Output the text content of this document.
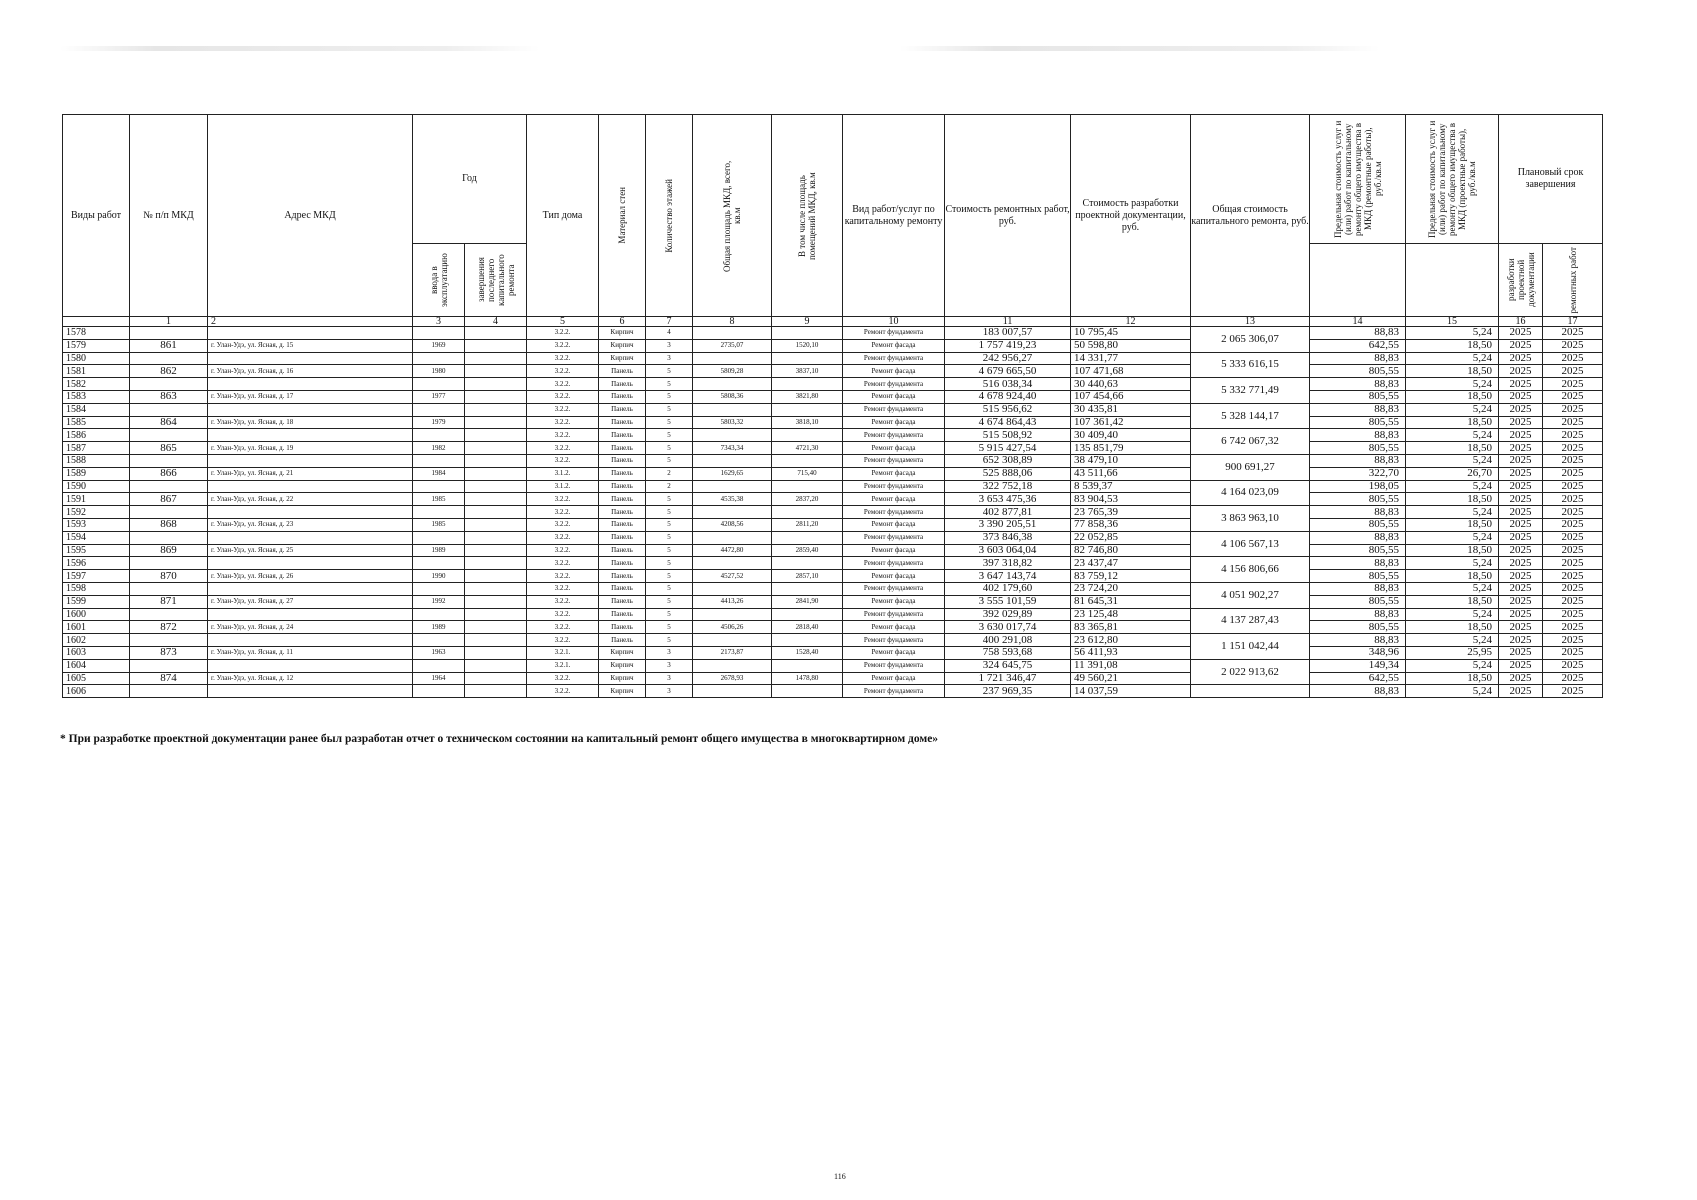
Виды работ	№ п/п МКД	Адрес МКД	Год		Тип дома	Материал стен	Количество этажей	Общая площадь МКД, всего, кв.м	В том числе площадь помещений МКД, кв.м	Вид работ/услуг по капитальному ремонту	Стоимость ремонтных работ, руб.	Стоимость разработки проектной документации, руб.	Общая стоимость капитального ремонта, руб.	Предельная стоимость услуг и (или) работ по капитальному ремонту общего имущества в МКД (ремонтные работы), руб./кв.м	Предельная стоимость услуг и (или) работ по капитальному ремонту общего имущества в МКД (проектные работы), руб./кв.м	Плановый срок завершения	

			ввода в эксплуатацию	завершения последнего капитального ремонта												разработки проектной документации	ремонтных работ

	1	2	3	4	5	6	7	8	9	10	11	12	13	14	15	16	17
1578					3.2.2.	Кирпич	4			Ремонт фундамента	183 007,57	10 795,45	2 065 306,07	88,83	5,24	2025	2025
1579	861	г. Улан-Удэ, ул. Ясная, д. 15	1969		3.2.2.	Кирпич	3	2735,07	1520,10	Ремонт фасада	1 757 419,23	50 598,80		642,55	18,50	2025	2025
1580					3.2.2.	Кирпич	3			Ремонт фундамента	242 956,27	14 331,77	5 333 616,15	88,83	5,24	2025	2025
1581	862	г. Улан-Удэ, ул. Ясная, д. 16	1980		3.2.2.	Панель	5	5809,28	3837,10	Ремонт фасада	4 679 665,50	107 471,68		805,55	18,50	2025	2025
1582					3.2.2.	Панель	5			Ремонт фундамента	516 038,34	30 440,63	5 332 771,49	88,83	5,24	2025	2025
1583	863	г. Улан-Удэ, ул. Ясная, д. 17	1977		3.2.2.	Панель	5	5808,36	3821,80	Ремонт фасада	4 678 924,40	107 454,66		805,55	18,50	2025	2025
1584					3.2.2.	Панель	5			Ремонт фундамента	515 956,62	30 435,81	5 328 144,17	88,83	5,24	2025	2025
1585	864	г. Улан-Удэ, ул. Ясная, д. 18	1979		3.2.2.	Панель	5	5803,32	3818,10	Ремонт фасада	4 674 864,43	107 361,42		805,55	18,50	2025	2025
1586					3.2.2.	Панель	5			Ремонт фундамента	515 508,92	30 409,40	6 742 067,32	88,83	5,24	2025	2025
1587	865	г. Улан-Удэ, ул. Ясная, д. 19	1982		3.2.2.	Панель	5	7343,34	4721,30	Ремонт фасада	5 915 427,54	135 851,79		805,55	18,50	2025	2025
1588					3.2.2.	Панель	5			Ремонт фундамента	652 308,89	38 479,10	900 691,27	88,83	5,24	2025	2025
1589	866	г. Улан-Удэ, ул. Ясная, д. 21	1984		3.1.2.	Панель	2	1629,65	715,40	Ремонт фасада	525 888,06	43 511,66		322,70	26,70	2025	2025
1590					3.1.2.	Панель	2			Ремонт фундамента	322 752,18	8 539,37	4 164 023,09	198,05	5,24	2025	2025
1591	867	г. Улан-Удэ, ул. Ясная, д. 22	1985		3.2.2.	Панель	5	4535,38	2837,20	Ремонт фасада	3 653 475,36	83 904,53		805,55	18,50	2025	2025
1592					3.2.2.	Панель	5			Ремонт фундамента	402 877,81	23 765,39	3 863 963,10	88,83	5,24	2025	2025
1593	868	г. Улан-Удэ, ул. Ясная, д. 23	1985		3.2.2.	Панель	5	4208,56	2811,20	Ремонт фасада	3 390 205,51	77 858,36		805,55	18,50	2025	2025
1594					3.2.2.	Панель	5			Ремонт фундамента	373 846,38	22 052,85	4 106 567,13	88,83	5,24	2025	2025
1595	869	г. Улан-Удэ, ул. Ясная, д. 25	1989		3.2.2.	Панель	5	4472,80	2859,40	Ремонт фасада	3 603 064,04	82 746,80		805,55	18,50	2025	2025
1596					3.2.2.	Панель	5			Ремонт фундамента	397 318,82	23 437,47	4 156 806,66	88,83	5,24	2025	2025
1597	870	г. Улан-Удэ, ул. Ясная, д. 26	1990		3.2.2.	Панель	5	4527,52	2857,10	Ремонт фасада	3 647 143,74	83 759,12		805,55	18,50	2025	2025
1598					3.2.2.	Панель	5			Ремонт фундамента	402 179,60	23 724,20	4 051 902,27	88,83	5,24	2025	2025
1599	871	г. Улан-Удэ, ул. Ясная, д. 27	1992		3.2.2.	Панель	5	4413,26	2841,90	Ремонт фасада	3 555 101,59	81 645,31		805,55	18,50	2025	2025
1600					3.2.2.	Панель	5			Ремонт фундамента	392 029,89	23 125,48	4 137 287,43	88,83	5,24	2025	2025
1601	872	г. Улан-Удэ, ул. Ясная, д. 24	1989		3.2.2.	Панель	5	4506,26	2818,40	Ремонт фасада	3 630 017,74	83 365,81		805,55	18,50	2025	2025
1602					3.2.2.	Панель	5			Ремонт фундамента	400 291,08	23 612,80	1 151 042,44	88,83	5,24	2025	2025
1603	873	г. Улан-Удэ, ул. Ясная, д. 11	1963		3.2.1.	Кирпич	3	2173,87	1528,40	Ремонт фасада	758 593,68	56 411,93		348,96	25,95	2025	2025
1604					3.2.1.	Кирпич	3			Ремонт фундамента	324 645,75	11 391,08	2 022 913,62	149,34	5,24	2025	2025
1605	874	г. Улан-Удэ, ул. Ясная, д. 12	1964		3.2.2.	Кирпич	3	2678,93	1478,80	Ремонт фасада	1 721 346,47	49 560,21		642,55	18,50	2025	2025
1606					3.2.2.	Кирпич	3			Ремонт фундамента	237 969,35	14 037,59		88,83	5,24	2025	2025
* При разработке проектной документации ранее был разработан отчет о техническом состоянии на капитальный ремонт общего имущества в многоквартирном доме»
116
